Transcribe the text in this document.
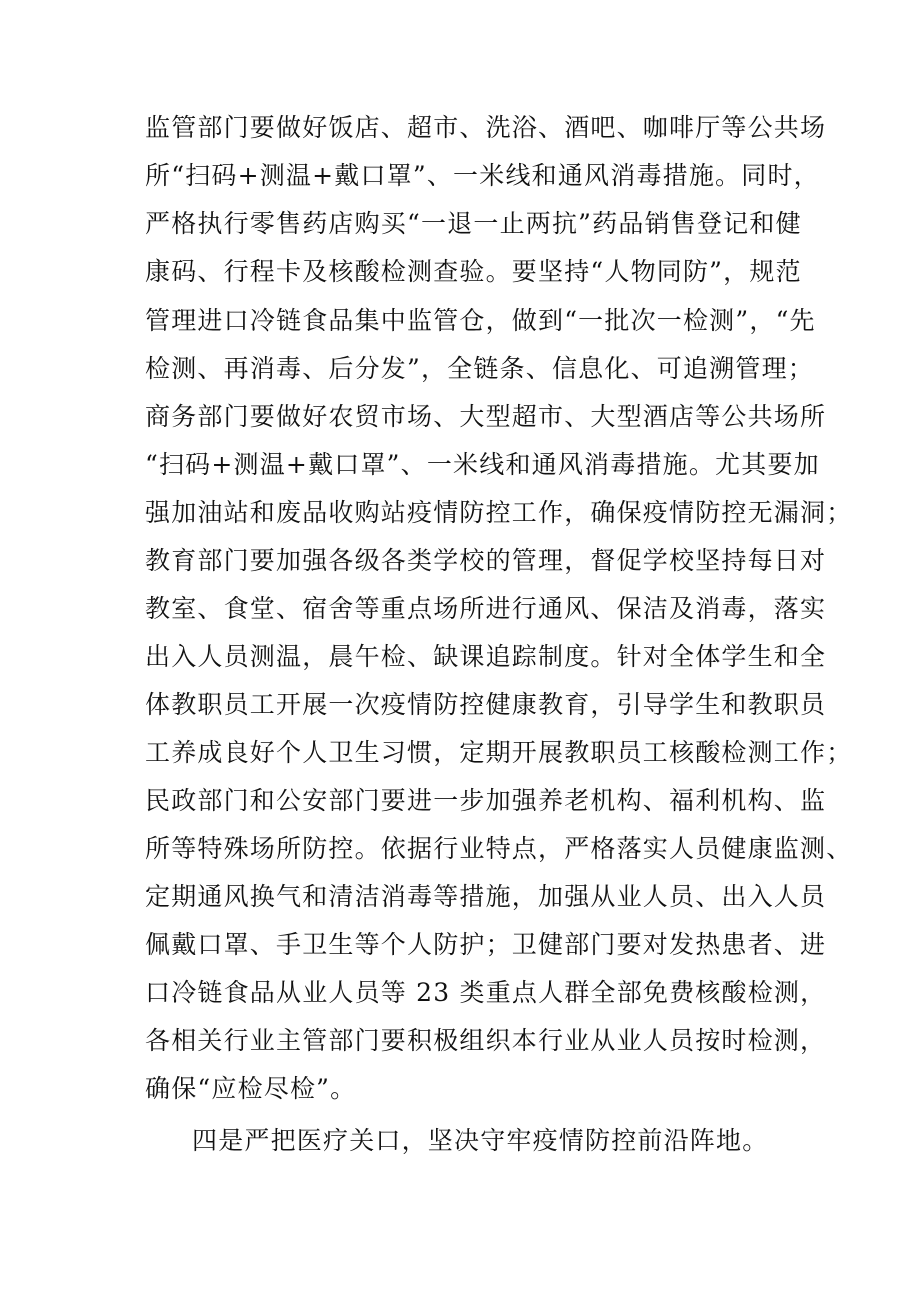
监管部门要做好饭店、超市、洗浴、酒吧、咖啡厅等公共场

所“扫码+测温+戴口罩”、一米线和通风消毒措施。同时，

严格执行零售药店购买“一退一止两抗”药品销售登记和健

康码、行程卡及核酸检测查验。要坚持“人物同防”，规范

管理进口冷链食品集中监管仓，做到“一批次一检测”，“先

检测、再消毒、后分发”，全链条、信息化、可追溯管理；

商务部门要做好农贸市场、大型超市、大型酒店等公共场所

“扫码+测温+戴口罩”、一米线和通风消毒措施。尤其要加

强加油站和废品收购站疫情防控工作，确保疫情防控无漏洞；

教育部门要加强各级各类学校的管理，督促学校坚持每日对

教室、食堂、宿舍等重点场所进行通风、保洁及消毒，落实

出入人员测温，晨午检、缺课追踪制度。针对全体学生和全

体教职员工开展一次疫情防控健康教育，引导学生和教职员

工养成良好个人卫生习惯，定期开展教职员工核酸检测工作；

民政部门和公安部门要进一步加强养老机构、福利机构、监

所等特殊场所防控。依据行业特点，严格落实人员健康监测、

定期通风换气和清洁消毒等措施，加强从业人员、出入人员

佩戴口罩、手卫生等个人防护；卫健部门要对发热患者、进

口冷链食品从业人员等 23 类重点人群全部免费核酸检测，

各相关行业主管部门要积极组织本行业从业人员按时检测，

确保“应检尽检”。

四是严把医疗关口，坚决守牢疫情防控前沿阵地。
